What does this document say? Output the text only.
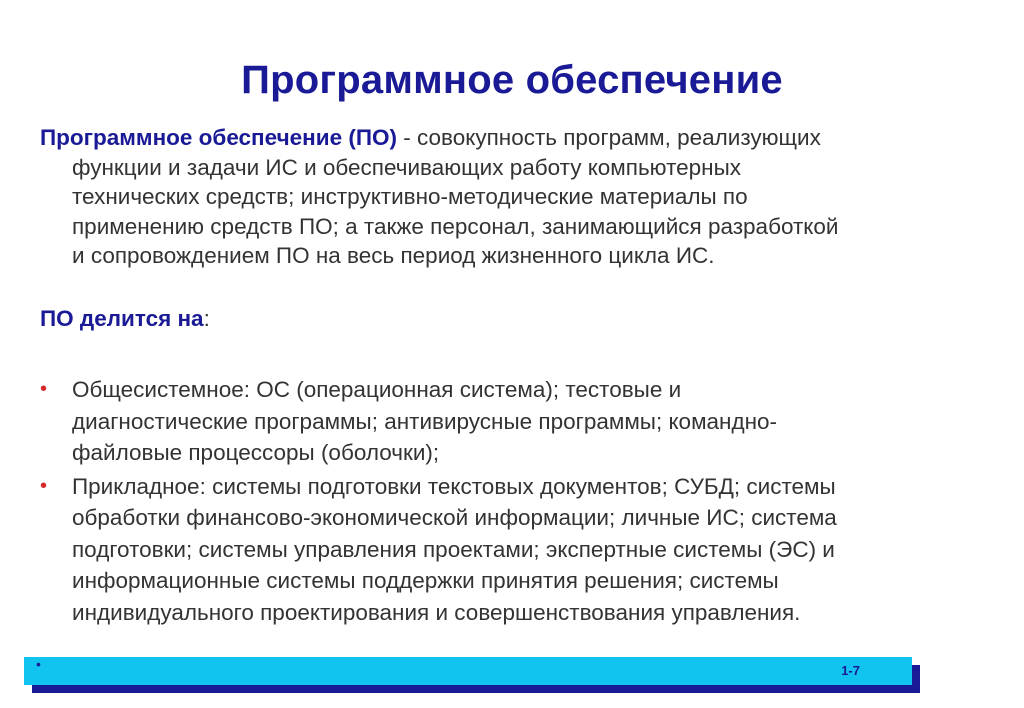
Программное обеспечение
Программное обеспечение (ПО) - совокупность программ, реализующих
функции и задачи ИС и обеспечивающих работу компьютерных
технических средств; инструктивно-методические материалы по
применению средств ПО; а также персонал, занимающийся разработкой
и сопровождением ПО на весь период жизненного цикла ИС.
ПО делится на:
• Общесистемное: ОС (операционная система); тестовые и
диагностические программы; антивирусные программы; командно-
файловые процессоры (оболочки);
• Прикладное: системы подготовки текстовых документов; СУБД; системы
обработки финансово-экономической информации; личные ИС; система
подготовки; системы управления проектами; экспертные системы (ЭС) и
информационные системы поддержки принятия решения; системы
индивидуального проектирования и совершенствования управления.
•	1-7
